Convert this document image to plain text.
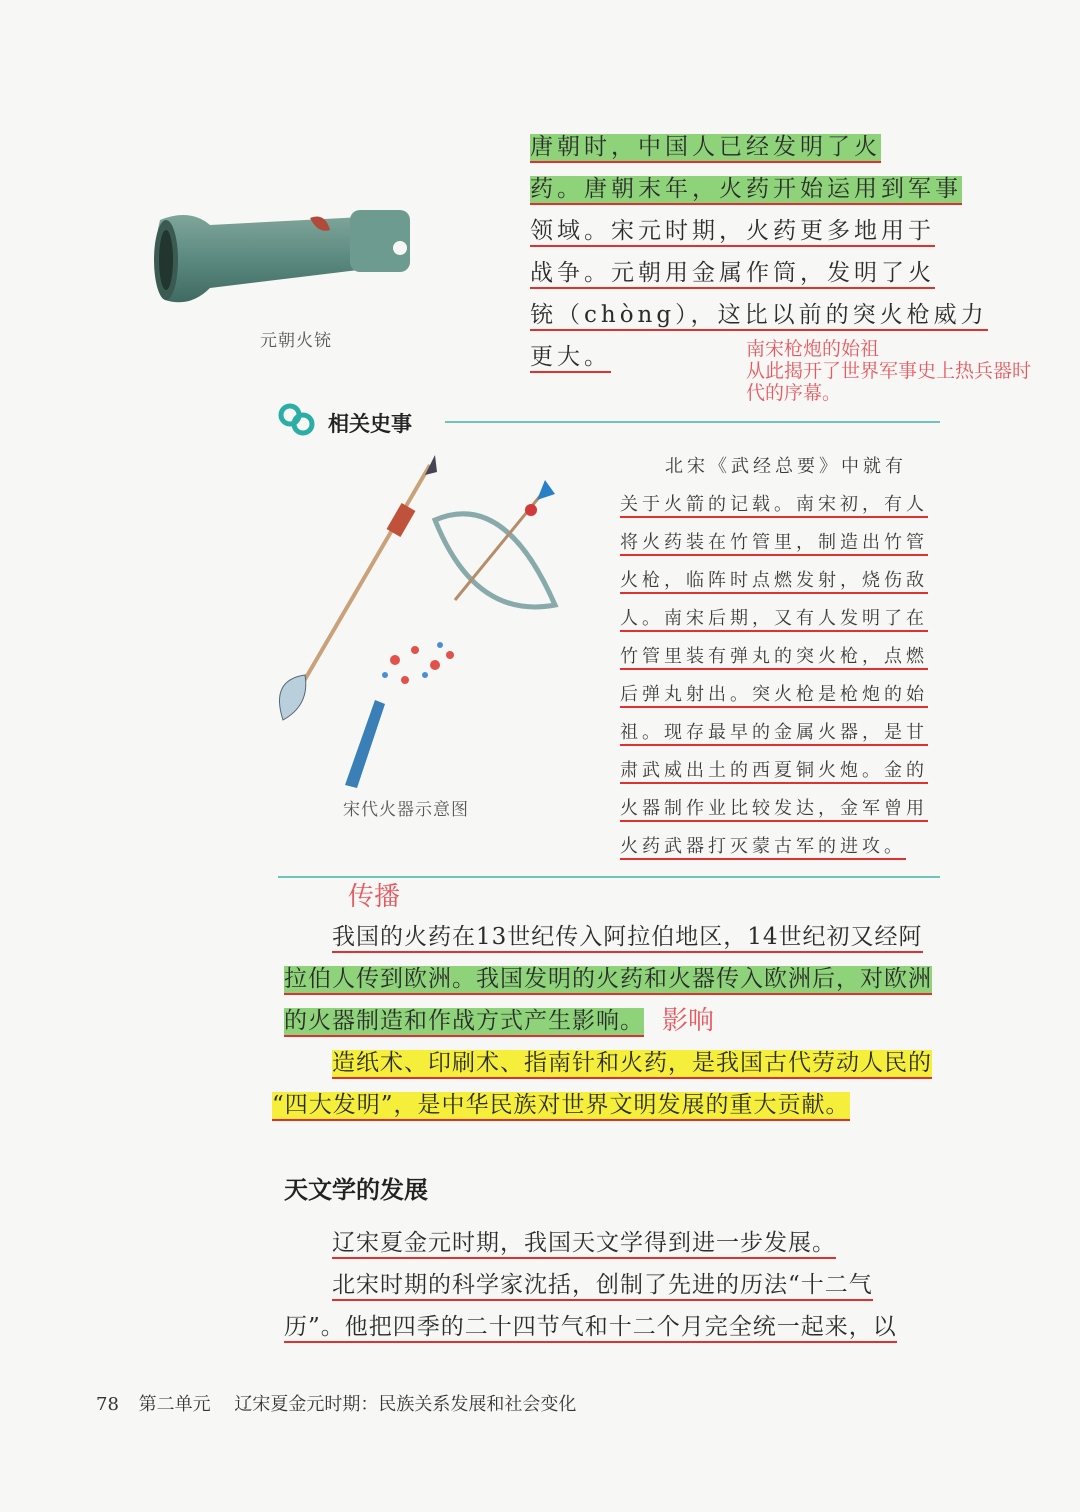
元朝火铳
唐朝时，中国人已经发明了火
药。唐朝末年，火药开始运用到军事
领域。宋元时期，火药更多地用于
战争。元朝用金属作筒，发明了火
铳（chòng），这比以前的突火枪威力
更大。	南宋枪炮的始祖
从此揭开了世界军事史上热兵器时
代的序幕。
相关史事
宋代火器示意图
北宋《武经总要》中就有
关于火箭的记载。南宋初，有人
将火药装在竹管里，制造出竹管
火枪，临阵时点燃发射，烧伤敌
人。南宋后期，又有人发明了在
竹管里装有弹丸的突火枪，点燃
后弹丸射出。突火枪是枪炮的始
祖。现存最早的金属火器，是甘
肃武威出土的西夏铜火炮。金的
火器制作业比较发达，金军曾用
火药武器打灭蒙古军的进攻。
传播
我国的火药在13世纪传入阿拉伯地区，14世纪初又经阿
拉伯人传到欧洲。我国发明的火药和火器传入欧洲后，对欧洲
的火器制造和作战方式产生影响。 影响
造纸术、印刷术、指南针和火药，是我国古代劳动人民的
“四大发明”，是中华民族对世界文明发展的重大贡献。
天文学的发展
辽宋夏金元时期，我国天文学得到进一步发展。
北宋时期的科学家沈括，创制了先进的历法“十二气
历”。他把四季的二十四节气和十二个月完全统一起来，以
78 第二单元 辽宋夏金元时期：民族关系发展和社会变化
